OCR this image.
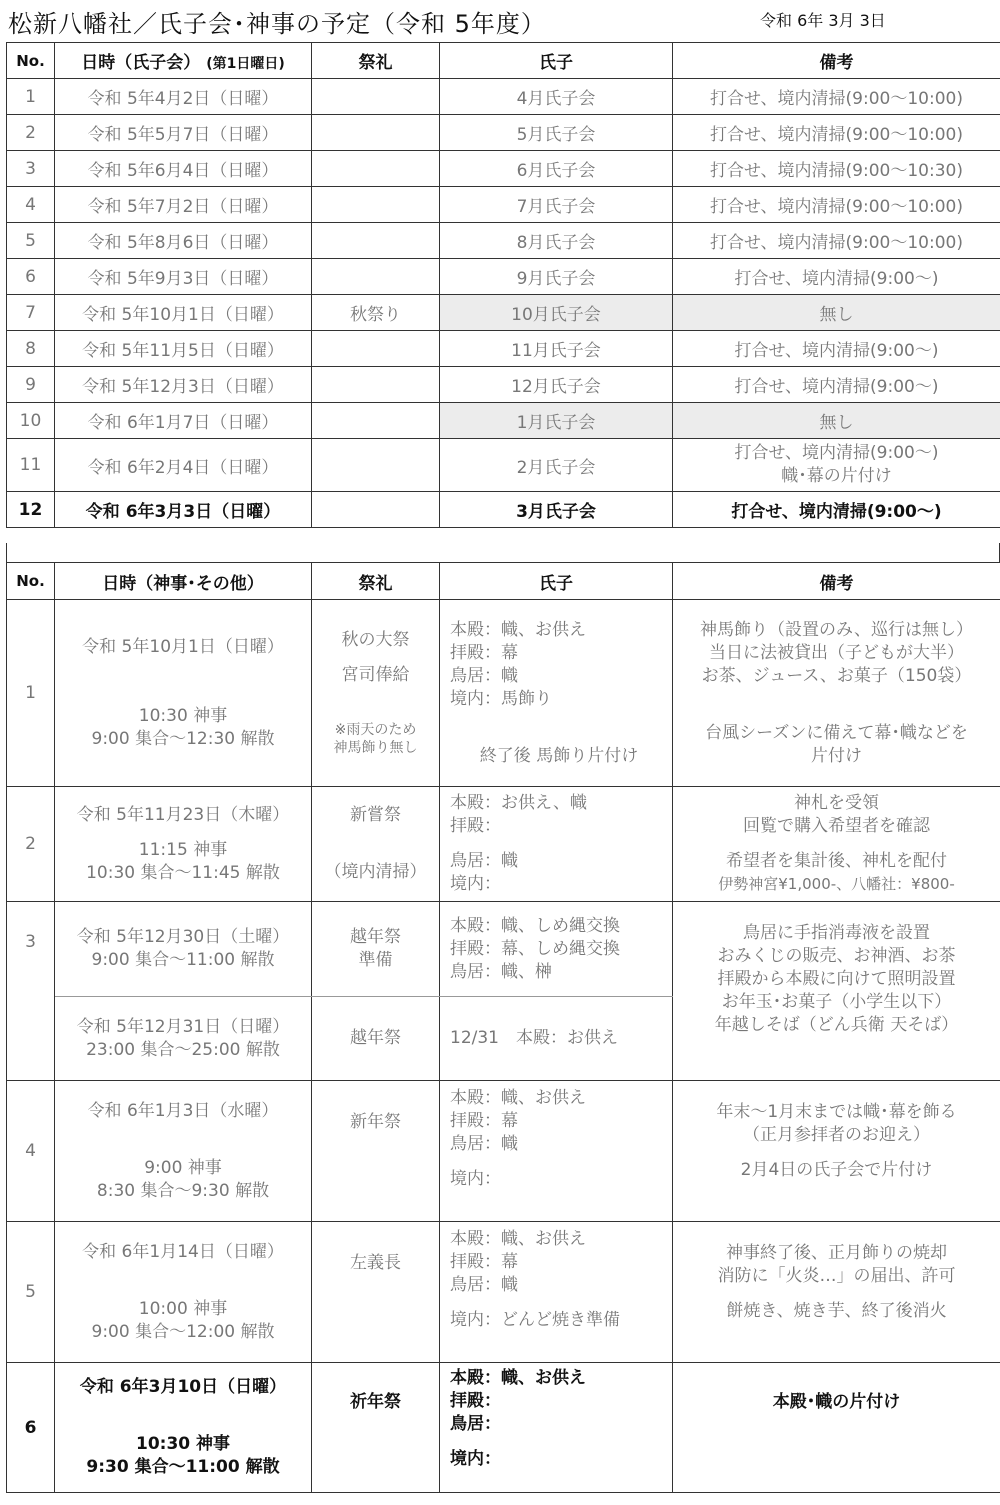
松新八幡社／氏子会･神事の予定（令和 5年度）	令和 6年 3月 3日
No.	日時（氏子会） (第1日曜日)	祭礼	氏子	備考
1	令和 5年4月2日（日曜）		4月氏子会	打合せ、境内清掃(9:00～10:00)
2	令和 5年5月7日（日曜）		5月氏子会	打合せ、境内清掃(9:00～10:00)
3	令和 5年6月4日（日曜）		6月氏子会	打合せ、境内清掃(9:00～10:30)
4	令和 5年7月2日（日曜）		7月氏子会	打合せ、境内清掃(9:00～10:00)
5	令和 5年8月6日（日曜）		8月氏子会	打合せ、境内清掃(9:00～10:00)
6	令和 5年9月3日（日曜）		9月氏子会	打合せ、境内清掃(9:00～)
7	令和 5年10月1日（日曜）	秋祭り	10月氏子会	無し
8	令和 5年11月5日（日曜）		11月氏子会	打合せ、境内清掃(9:00～)
9	令和 5年12月3日（日曜）		12月氏子会	打合せ、境内清掃(9:00～)
10	令和 6年1月7日（日曜）		1月氏子会	無し
11	令和 6年2月4日（日曜）		2月氏子会	打合せ、境内清掃(9:00～)
幟･幕の片付け

12	令和 6年3月3日（日曜）		3月氏子会	打合せ、境内清掃(9:00～)
No.	日時（神事･その他）	祭礼	氏子	備考
1	令和 5年10月1日（日曜）
10:30 神事
9:00 集合～12:30 解散	秋の大祭
宮司俸給
※雨天のため
神馬飾り無し	本殿：幟、お供え
拝殿：幕
鳥居：幟
境内：馬飾り
終了後 馬飾り片付け	神馬飾り（設置のみ、巡行は無し）
当日に法被貸出（子どもが大半）
お茶、ジュース、お菓子（150袋）
台風シーズンに備えて幕･幟などを
片付け

2	令和 5年11月23日（木曜）
11:15 神事
10:30 集合～11:45 解散	新嘗祭
（境内清掃）	本殿：お供え、幟
拝殿：
鳥居：幟
境内：	神札を受領
回覧で購入希望者を確認
希望者を集計後、神札を配付
伊勢神宮¥1,000-、八幡社：¥800-

3	令和 5年12月30日（土曜）
9:00 集合～11:00 解散	越年祭
準備	本殿：幟、しめ縄交換
拝殿：幕、しめ縄交換
鳥居：幟、榊	鳥居に手指消毒液を設置
おみくじの販売、お神酒、お茶
拝殿から本殿に向けて照明設置
お年玉･お菓子（小学生以下）
年越しそば（どん兵衛 天そば）

	令和 5年12月31日（日曜）
23:00 集合～25:00 解散	越年祭	12/31　本殿：お供え	

4	令和 6年1月3日（水曜）
9:00 神事
8:30 集合～9:30 解散	新年祭	本殿：幟、お供え
拝殿：幕
鳥居：幟
境内：	年末～1月末までは幟･幕を飾る
（正月参拝者のお迎え）
2月4日の氏子会で片付け

5	令和 6年1月14日（日曜）
10:00 神事
9:00 集合～12:00 解散	左義長	本殿：幟、お供え
拝殿：幕
鳥居：幟
境内：どんど焼き準備	神事終了後、正月飾りの焼却
消防に「火炎…」の届出、許可
餅焼き、焼き芋、終了後消火

6	令和 6年3月10日（日曜）
10:30 神事
9:30 集合～11:00 解散	祈年祭	本殿：幟、お供え
拝殿：
鳥居：
境内：	本殿･幟の片付け
